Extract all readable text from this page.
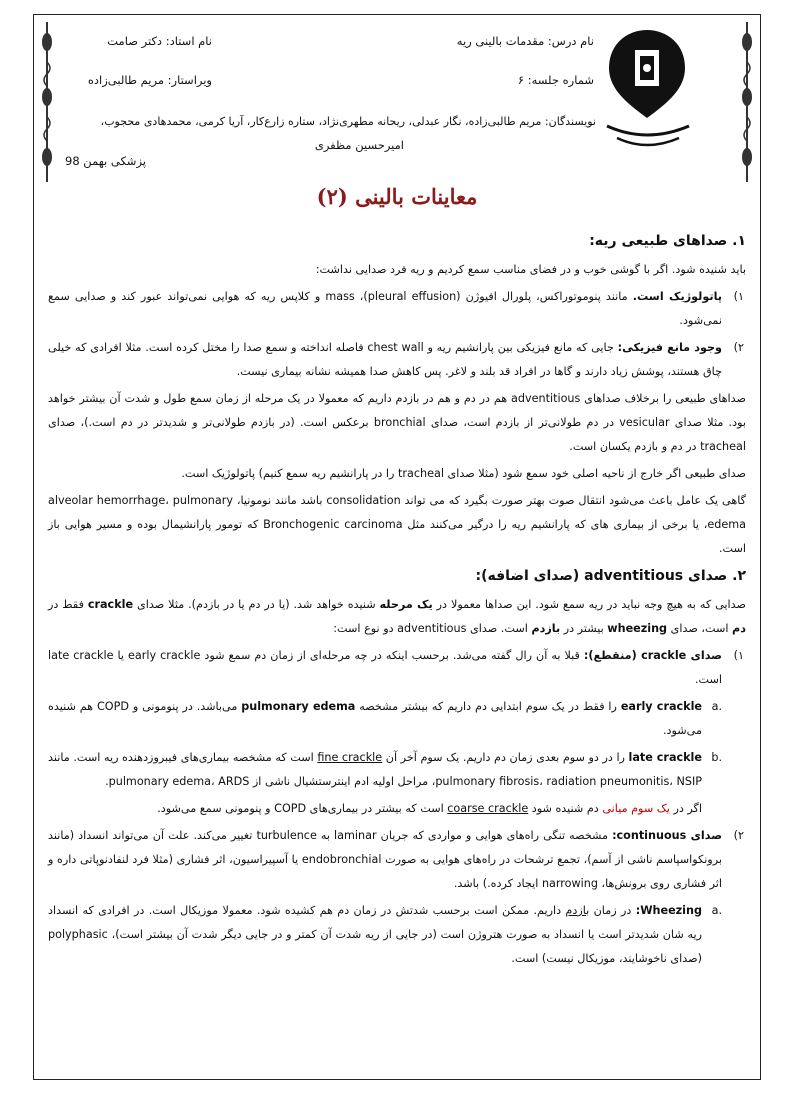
نام درس: مقدمات بالینی ریه
نام استاد: دکتر صامت
شماره جلسه: ۶
ویراستار: مریم طالبی‌زاده
نویسندگان: مریم طالبی‌زاده، نگار عبدلی، ریحانه مطهری‌نژاد، ستاره زارع‌کار، آریا کرمی، محمدهادی محجوب،
امیرحسین مظفری
پزشکی بهمن 98
معاینات بالینی (۲)
۱. صداهای طبیعی ریه:

باید شنیده شود. اگر با گوشی خوب و در فضای مناسب سمع کردیم و ریه فرد صدایی نداشت:

۱)
پاتولوژیک است. مانند پنوموتوراکس، پلورال افیوژن (pleural effusion)، mass و کلاپس ریه که هوایی نمی‌تواند عبور کند و صدایی سمع نمی‌شود.
۲)
وجود مانع فیزیکی: جایی که مانع فیزیکی بین پارانشیم ریه و chest wall فاصله انداخته و سمع صدا را مختل کرده است. مثلا افرادی که خیلی چاق هستند، پوشش زیاد دارند و گاها در افراد قد بلند و لاغر. پس کاهش صدا همیشه نشانه بیماری نیست.

صداهای طبیعی را برخلاف صداهای adventitious هم در دم و هم در بازدم داریم که معمولا در یک مرحله از زمان سمع طول و شدت آن بیشتر خواهد بود. مثلا صدای vesicular در دم طولانی‌تر از بازدم است، صدای bronchial برعکس است. (در بازدم طولانی‌تر و شدیدتر در دم است.)، صدای tracheal در دم و بازدم یکسان است.

صدای طبیعی اگر خارج از ناحیه اصلی خود سمع شود (مثلا صدای tracheal را در پارانشیم ریه سمع کنیم) پاتولوژیک است.

گاهی یک عامل باعث می‌شود انتقال صوت بهتر صورت بگیرد که می تواند consolidation باشد مانند نومونیا، alveolar hemorrhage، pulmonary edema، یا برخی از بیماری های که پارانشیم ریه را درگیر می‌کنند مثل Bronchogenic carcinoma که تومور پارانشیمال بوده و مسیر هوایی باز است.

۲. صدای adventitious (صدای اضافه):

صدایی که به هیچ وجه نباید در ریه سمع شود. این صداها معمولا در یک مرحله شنیده خواهد شد. (یا در دم یا در بازدم). مثلا صدای crackle فقط در دم است، صدای wheezing بیشتر در بازدم است. صدای adventitious دو نوع است:

۱)
صدای crackle (منقطع): قبلا به آن رال گفته می‌شد. برحسب اینکه در چه مرحله‌ای از زمان دم سمع شود early crackle یا late crackle است.
.a
early crackle را فقط در یک سوم ابتدایی دم داریم که بیشتر مشخصه pulmonary edema می‌باشد. در پنومونی و COPD هم شنیده می‌شود.
.b
late crackle را در دو سوم بعدی زمان دم داریم. یک سوم آخر آن fine crackle است که مشخصه بیماری‌های فیبروزدهنده ریه است. مانند pulmonary fibrosis، radiation pneumonitis، NSIP، مراحل اولیه ادم اینترستشیال ناشی از pulmonary edema، ARDS.
اگر در یک سوم میانی دم شنیده شود coarse crackle است که بیشتر در بیماری‌های COPD و پنومونی سمع می‌شود.
۲)
صدای continuous: مشخصه تنگی راه‌های هوایی و مواردی که جریان laminar به turbulence تغییر می‌کند. علت آن می‌تواند انسداد (مانند برونکواسپاسم ناشی از آسم)، تجمع ترشحات در راه‌های هوایی به صورت endobronchial یا آسپیراسیون، اثر فشاری (مثلا فرد لنفادنوپاتی داره و اثر فشاری روی برونش‌ها، narrowing ایجاد کرده.) باشد.
.a
Wheezing: در زمان بازدم داریم. ممکن است برحسب شدتش در زمان دم هم کشیده شود. معمولا موزیکال است. در افرادی که انسداد ریه شان شدیدتر است یا انسداد به صورت هتروژن است (در جایی از ریه شدت آن کمتر و در جایی دیگر شدت آن بیشتر است)، polyphasic (صدای ناخوشایند، موزیکال نیست) است.
